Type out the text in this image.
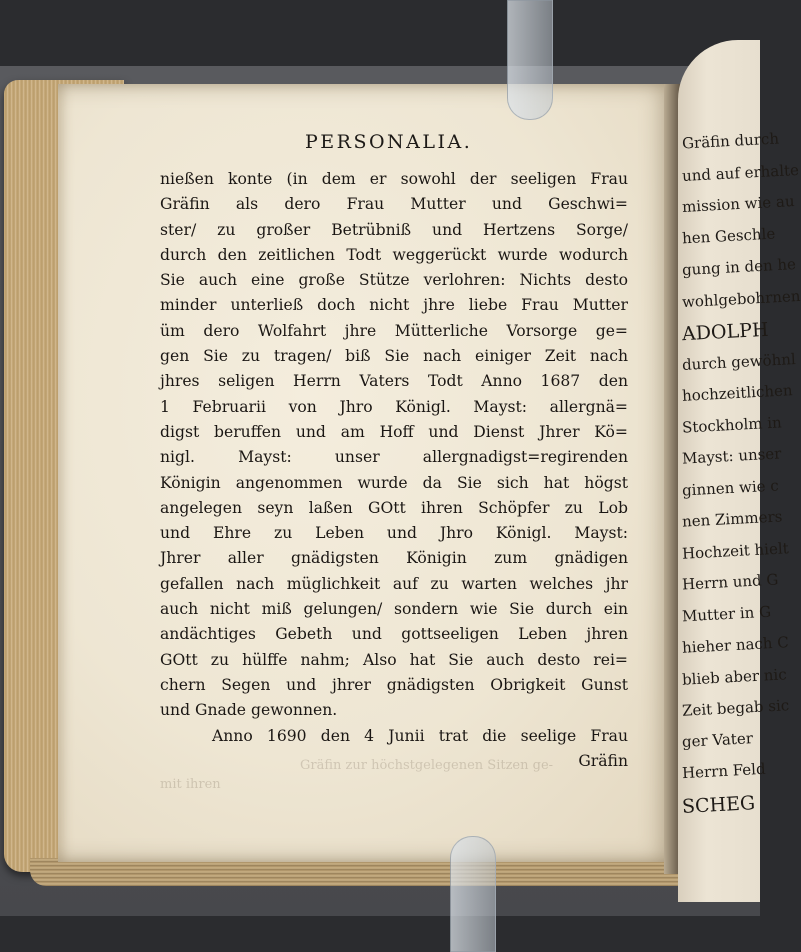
Gräfin durch
und auf erhalte
mission wie au
hen Geschle
gung in den he
wohlgebohrnen
ADOLPH
durch gewöhnl
hochzeitlichen
Stockholm in
Mayst: unser
ginnen wie c
nen Zimmers
Hochzeit hielt
Herrn und G
Mutter in G
hieher nach C
blieb aber nic
Zeit begab sic
ger Vater
Herrn Feld
SCHEG
Gräfin zur höchstgelegenen Sitzen ge-
mit ihren
PERSONALIA.
nießen konte (in dem er sowohl der seeligen Frau
Gräfin als dero Frau Mutter und Geschwi=
ster/ zu großer Betrübniß und Hertzens Sorge/
durch den zeitlichen Todt weggerückt wurde wodurch
Sie auch eine große Stütze verlohren: Nichts desto
minder unterließ doch nicht jhre liebe Frau Mutter
üm dero Wolfahrt jhre Mütterliche Vorsorge ge=
gen Sie zu tragen/ biß Sie nach einiger Zeit nach
jhres seligen Herrn Vaters Todt Anno 1687 den
1 Februarii von Jhro Königl. Mayst: allergnä=
digst beruffen und am Hoff und Dienst Jhrer Kö=
nigl. Mayst: unser allergnadigst=regirenden
Königin angenommen wurde da Sie sich hat högst
angelegen seyn laßen GOtt ihren Schöpfer zu Lob
und Ehre zu Leben und Jhro Königl. Mayst:
Jhrer aller gnädigsten Königin zum gnädigen
gefallen nach müglichkeit auf zu warten welches jhr
auch nicht miß gelungen/ sondern wie Sie durch ein
andächtiges Gebeth und gottseeligen Leben jhren
GOtt zu hülffe nahm; Also hat Sie auch desto rei=
chern Segen und jhrer gnädigsten Obrigkeit Gunst
und Gnade gewonnen.
Anno 1690 den 4 Junii trat die seelige Frau
Gräfin
